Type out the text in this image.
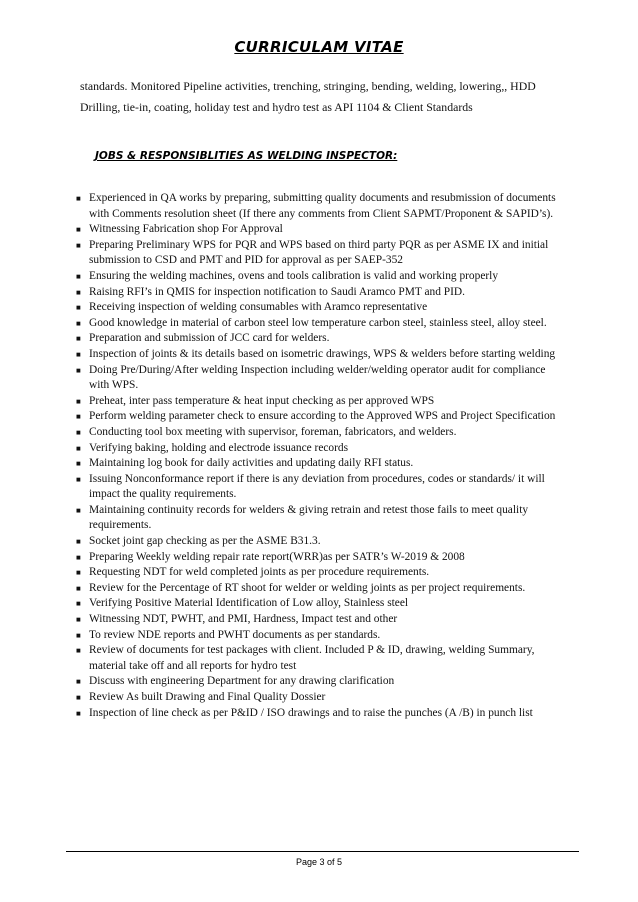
CURRICULAM VITAE
standards. Monitored Pipeline activities, trenching, stringing, bending, welding, lowering,, HDD
Drilling, tie-in, coating, holiday test and hydro test as API 1104 & Client Standards
JOBS & RESPONSIBLITIES AS WELDING INSPECTOR:
■ Experienced in QA works by preparing, submitting quality documents and resubmission of documents with Comments resolution sheet (If there any comments from Client SAPMT/Proponent & SAPID’s).
■ Witnessing Fabrication shop For Approval
■ Preparing Preliminary WPS for PQR and WPS based on third party PQR as per ASME IX and initial submission to CSD and PMT and PID for approval as per SAEP-352
■ Ensuring the welding machines, ovens and tools calibration is valid and working properly
■ Raising RFI’s in QMIS for inspection notification to Saudi Aramco PMT and PID.
■ Receiving inspection of welding consumables with Aramco representative
■ Good knowledge in material of carbon steel low temperature carbon steel, stainless steel, alloy steel.
■ Preparation and submission of JCC card for welders.
■ Inspection of joints & its details based on isometric drawings, WPS & welders before starting welding
■ Doing Pre/During/After welding Inspection including welder/welding operator audit for compliance with WPS.
■ Preheat, inter pass temperature & heat input checking as per approved WPS
■ Perform welding parameter check to ensure according to the Approved WPS and Project Specification
■ Conducting tool box meeting with supervisor, foreman, fabricators, and welders.
■ Verifying baking, holding and electrode issuance records
■ Maintaining log book for daily activities and updating daily RFI status.
■ Issuing Nonconformance report if there is any deviation from procedures, codes or standards/ it will impact the quality requirements.
■ Maintaining continuity records for welders & giving retrain and retest those fails to meet quality requirements.
■ Socket joint gap checking as per the ASME B31.3.
■ Preparing Weekly welding repair rate report(WRR)as per SATR’s W-2019 & 2008
■ Requesting NDT for weld completed joints as per procedure requirements.
■ Review for the Percentage of RT shoot for welder or welding joints as per project requirements.
■ Verifying Positive Material Identification of Low alloy, Stainless steel
■ Witnessing NDT, PWHT, and PMI, Hardness, Impact test and other
■ To review NDE reports and PWHT documents as per standards.
■ Review of documents for test packages with client. Included P & ID, drawing, welding Summary, material take off and all reports for hydro test
■ Discuss with engineering Department for any drawing clarification
■ Review As built Drawing and Final Quality Dossier
■ Inspection of line check as per P&ID / ISO drawings and to raise the punches (A /B) in punch list
Page 3 of 5
